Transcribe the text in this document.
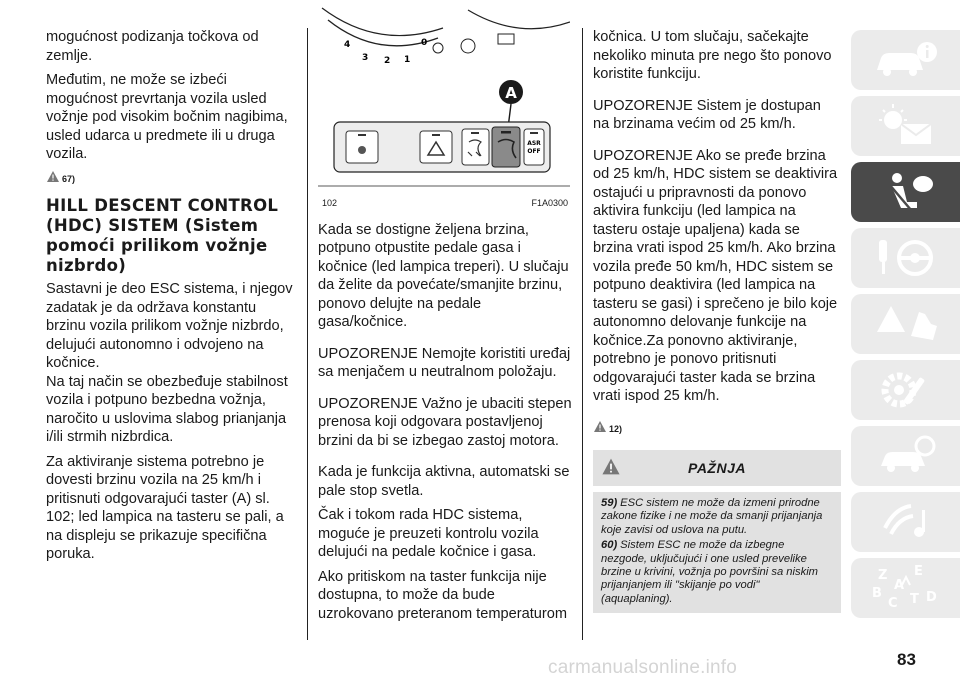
mogućnost podizanja točkova od zemlje.

Međutim, ne može se izbeći mogućnost prevrtanja vozila usled vožnje pod visokim bočnim nagibima, usled udarca u predmete ili u druga vozila.

67)
HILL DESCENT CONTROL (HDC) SISTEM (Sistem pomoći prilikom vožnje nizbrdo)

Sastavni je deo ESC sistema, i njegov zadatak je da održava konstantu brzinu vozila prilikom vožnje nizbrdo, delujući autonomno i odvojeno na kočnice.

Na taj način se obezbeđuje stabilnost vozila i potpuno bezbedna vožnja, naročito u uslovima slabog prianjanja i/ili strmih nizbrdica.

Za aktiviranje sistema potrebno je dovesti brzinu vozila na 25 km/h i pritisnuti odgovarajući taster (A) sl. 102; led lampica na tasteru se pali, a na displeju se prikazuje specifična poruka.

4
3 2 1
0
A
ASR
OFF
102	F1A0300

Kada se dostigne željena brzina, potpuno otpustite pedale gasa i kočnice (led lampica treperi). U slučaju da želite da povećate/smanjite brzinu, ponovo delujte na pedale gasa/kočnice.

UPOZORENJE Nemojte koristiti uređaj sa menjačem u neutralnom položaju.

UPOZORENJE Važno je ubaciti stepen prenosa koji odgovara postavljenoj brzini da bi se izbegao zastoj motora.

Kada je funkcija aktivna, automatski se pale stop svetla.

Čak i tokom rada HDC sistema, moguće je preuzeti kontrolu vozila delujući na pedale kočnice i gasa.

Ako pritiskom na taster funkcija nije dostupna, to može da bude uzrokovano preteranom temperaturom

kočnica. U tom slučaju, sačekajte nekoliko minuta pre nego što ponovo koristite funkciju.

UPOZORENJE Sistem je dostupan na brzinama većim od 25 km/h.

UPOZORENJE Ako se pređe brzina od 25 km/h, HDC sistem se deaktivira ostajući u pripravnosti da ponovo aktivira funkciju (led lampica na tasteru ostaje upaljena) kada se brzina vrati ispod 25 km/h. Ako brzina vozila pređe 50 km/h, HDC sistem se potpuno deaktivira (led lampica na tasteru se gasi) i sprečeno je bilo koje autonomno delovanje funkcije na kočnice.Za ponovno aktiviranje, potrebno je ponovo pritisnuti odgovarajući taster kada se brzina vrati ispod 25 km/h.

12)
PAŽNJA

59) ESC sistem ne može da izmeni prirodne zakone fizike i ne može da smanji prijanjanja koje zavisi od uslova na putu.

60) Sistem ESC ne može da izbegne nezgode, uključujući i one usled prevelike brzine u krivini, vožnja po površini sa niskim prijanjanjem ili "skijanje po vodi" (aquaplaning).

Z E
A
B T
C D
83
carmanualsonline.info
